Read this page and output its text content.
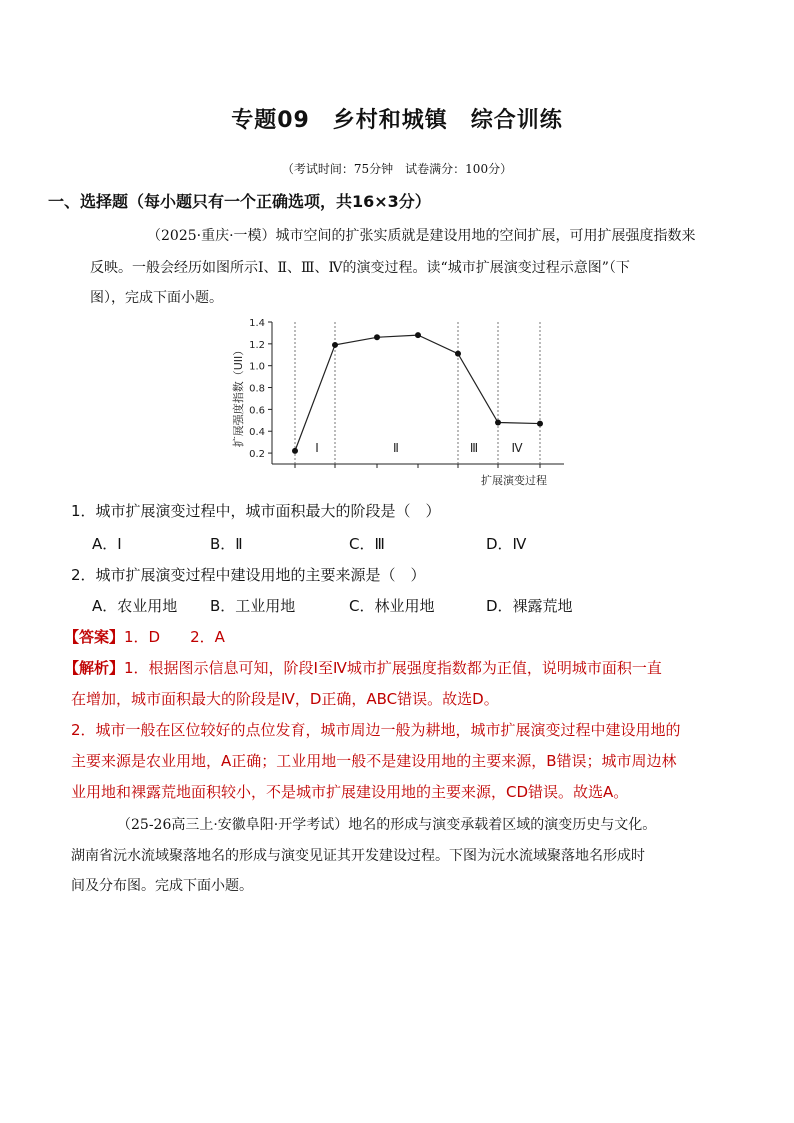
专题09　乡村和城镇　综合训练
（考试时间：75分钟　试卷满分：100分）
一、选择题（每小题只有一个正确选项，共16×3分）
（2025·重庆·一模）城市空间的扩张实质就是建设用地的空间扩展，可用扩展强度指数来
反映。一般会经历如图所示Ⅰ、Ⅱ、Ⅲ、Ⅳ的演变过程。读“城市扩展演变过程示意图”（下
图），完成下面小题。
扩展强度指数（UII）
1.4
1.2
1.0
0.8
0.6
0.4
0.2	Ⅰ	Ⅱ	Ⅲ	Ⅳ
扩展演变过程
1．城市扩展演变过程中，城市面积最大的阶段是（　）
A．Ⅰ	B．Ⅱ	C．Ⅲ	D．Ⅳ
2．城市扩展演变过程中建设用地的主要来源是（　）
A．农业用地 B．工业用地	C．林业用地	D．裸露荒地
【答案】1．D　　2．A
【解析】1．根据图示信息可知，阶段Ⅰ至Ⅳ城市扩展强度指数都为正值，说明城市面积一直
在增加，城市面积最大的阶段是Ⅳ，D正确，ABC错误。故选D。
2．城市一般在区位较好的点位发育，城市周边一般为耕地，城市扩展演变过程中建设用地的
主要来源是农业用地，A正确；工业用地一般不是建设用地的主要来源，B错误；城市周边林
业用地和裸露荒地面积较小，不是城市扩展建设用地的主要来源，CD错误。故选A。
（25-26高三上·安徽阜阳·开学考试）地名的形成与演变承载着区域的演变历史与文化。
湖南省沅水流域聚落地名的形成与演变见证其开发建设过程。下图为沅水流域聚落地名形成时
间及分布图。完成下面小题。
